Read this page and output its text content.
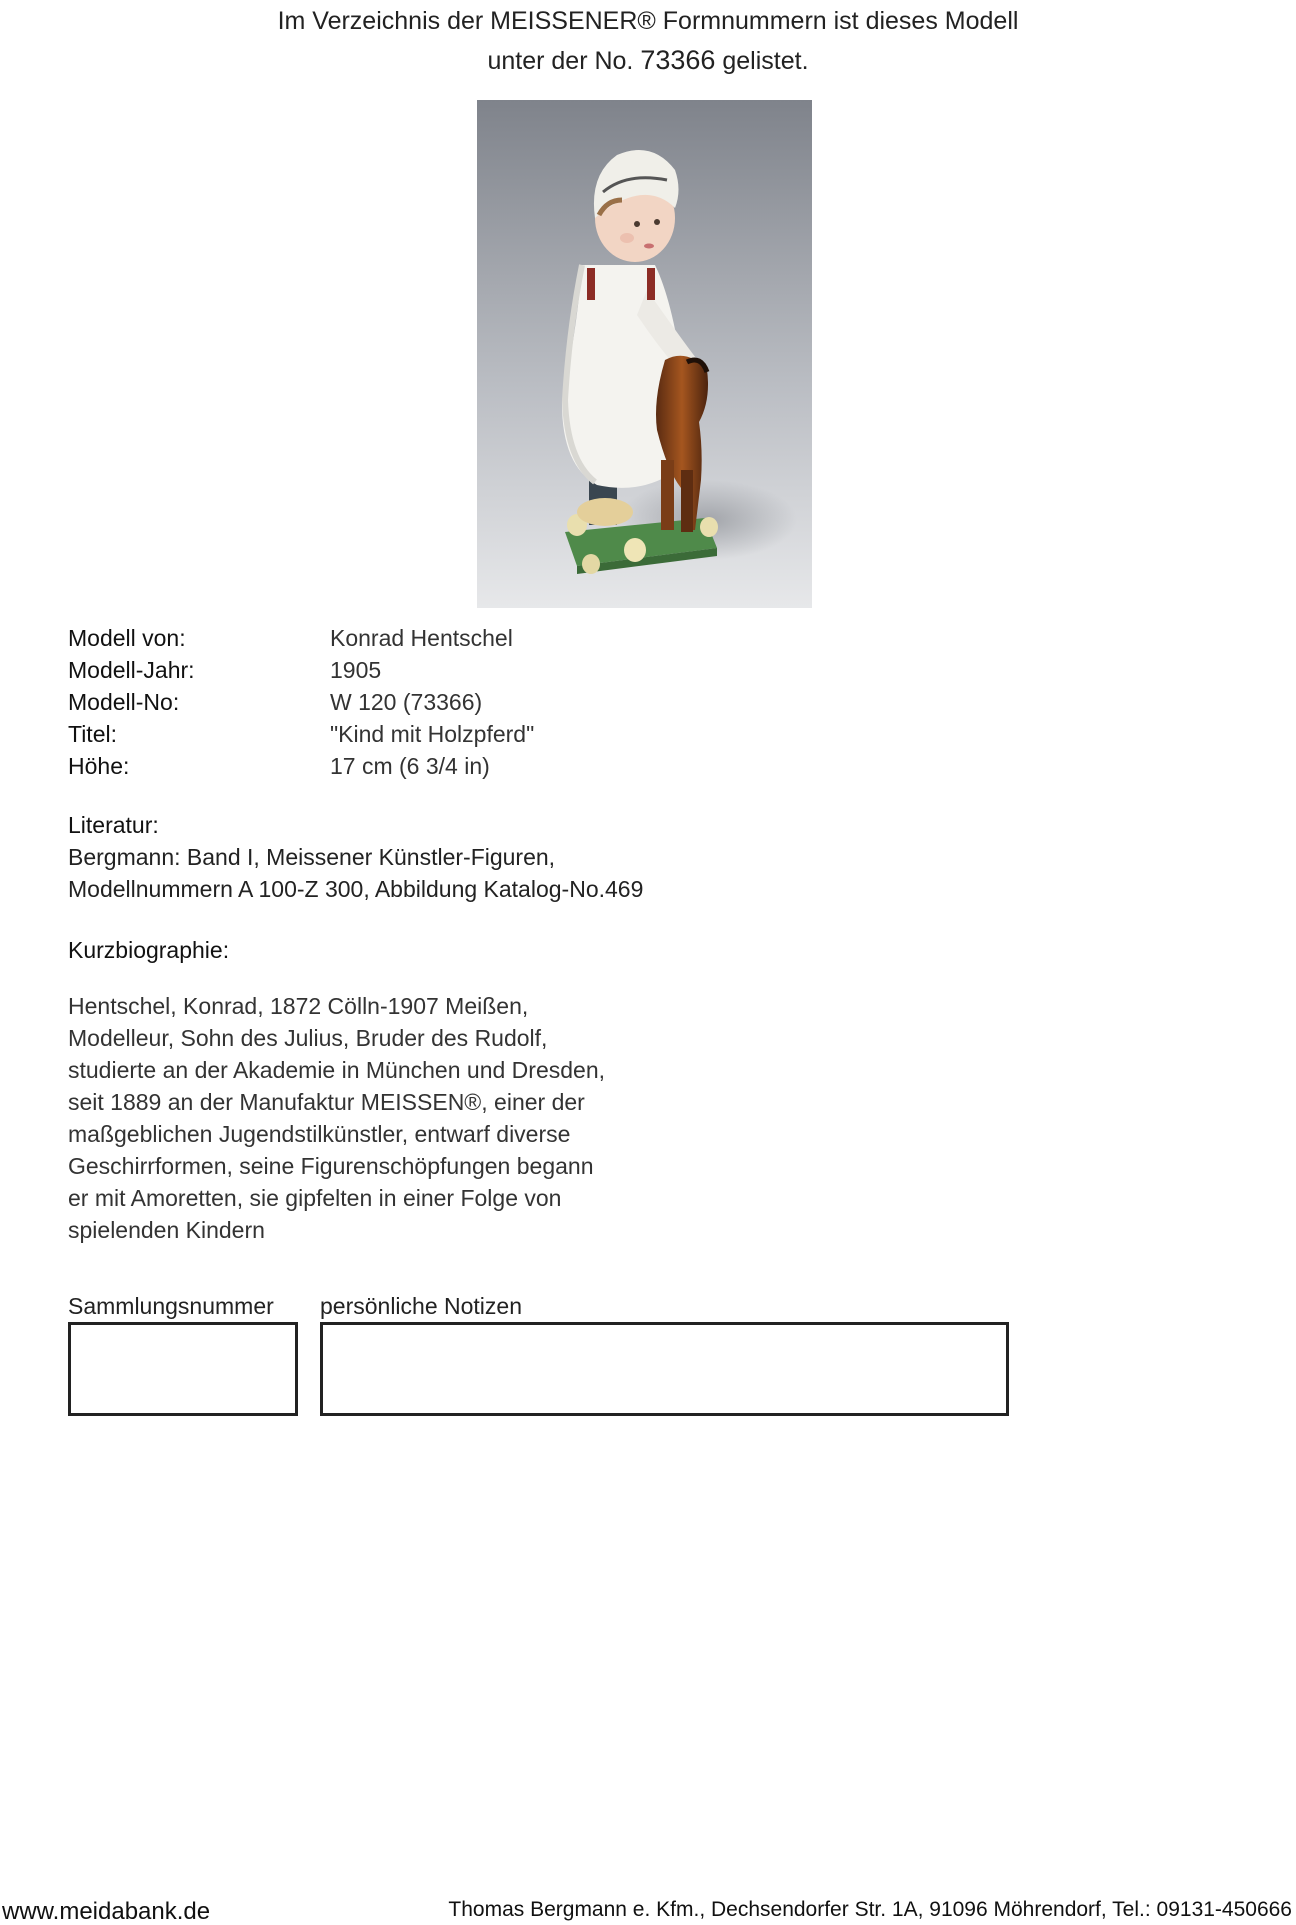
Im Verzeichnis der MEISSENER® Formnummern ist dieses Modell
unter der No. 73366 gelistet.
Modell von:	Konrad Hentschel
Modell-Jahr:	1905
Modell-No:	W 120 (73366)
Titel:	"Kind mit Holzpferd"
Höhe:	17 cm (6 3/4 in)
Literatur:
Bergmann: Band I, Meissener Künstler-Figuren,
Modellnummern A 100-Z 300, Abbildung Katalog-No.469
Kurzbiographie:
Hentschel, Konrad, 1872 Cölln-1907 Meißen,
Modelleur, Sohn des Julius, Bruder des Rudolf,
studierte an der Akademie in München und Dresden,
seit 1889 an der Manufaktur MEISSEN®, einer der
maßgeblichen Jugendstilkünstler, entwarf diverse
Geschirrformen, seine Figurenschöpfungen begann
er mit Amoretten, sie gipfelten in einer Folge von
spielenden Kindern
Sammlungsnummer persönliche Notizen
www.meidabank.de	Thomas Bergmann e. Kfm., Dechsendorfer Str. 1A, 91096 Möhrendorf, Tel.: 09131-450666
